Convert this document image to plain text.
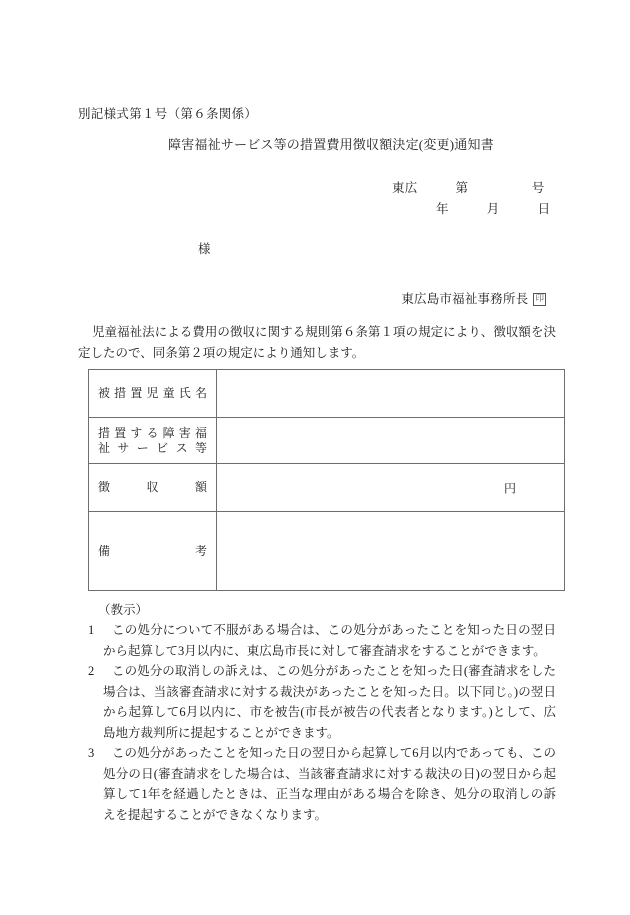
別記様式第１号（第６条関係）
障害福祉サービス等の措置費用徴収額決定(変更)通知書
東広　　　第　　　　　号
年　　　月　　　日
様

東広島市福祉事務所長 印

児童福祉法による費用の徴収に関する規則第６条第１項の規定により、徴収額を決定したので、同条第２項の規定により通知します。
被 措 置 児 童 氏 名

措 置 す る 障 害 福
祉 サ ー ビ ス 等

徴 収 額	円

備 考	

（教示）
1	この処分について不服がある場合は、この処分があったことを知った日の翌日から起算して3月以内に、東広島市長に対して審査請求をすることができます。
2	この処分の取消しの訴えは、この処分があったことを知った日(審査請求をした場合は、当該審査請求に対する裁決があったことを知った日。以下同じ。)の翌日から起算して6月以内に、市を被告(市長が被告の代表者となります。)として、広島地方裁判所に提起することができます。
3	この処分があったことを知った日の翌日から起算して6月以内であっても、この処分の日(審査請求をした場合は、当該審査請求に対する裁決の日)の翌日から起算して1年を経過したときは、正当な理由がある場合を除き、処分の取消しの訴えを提起することができなくなります。
